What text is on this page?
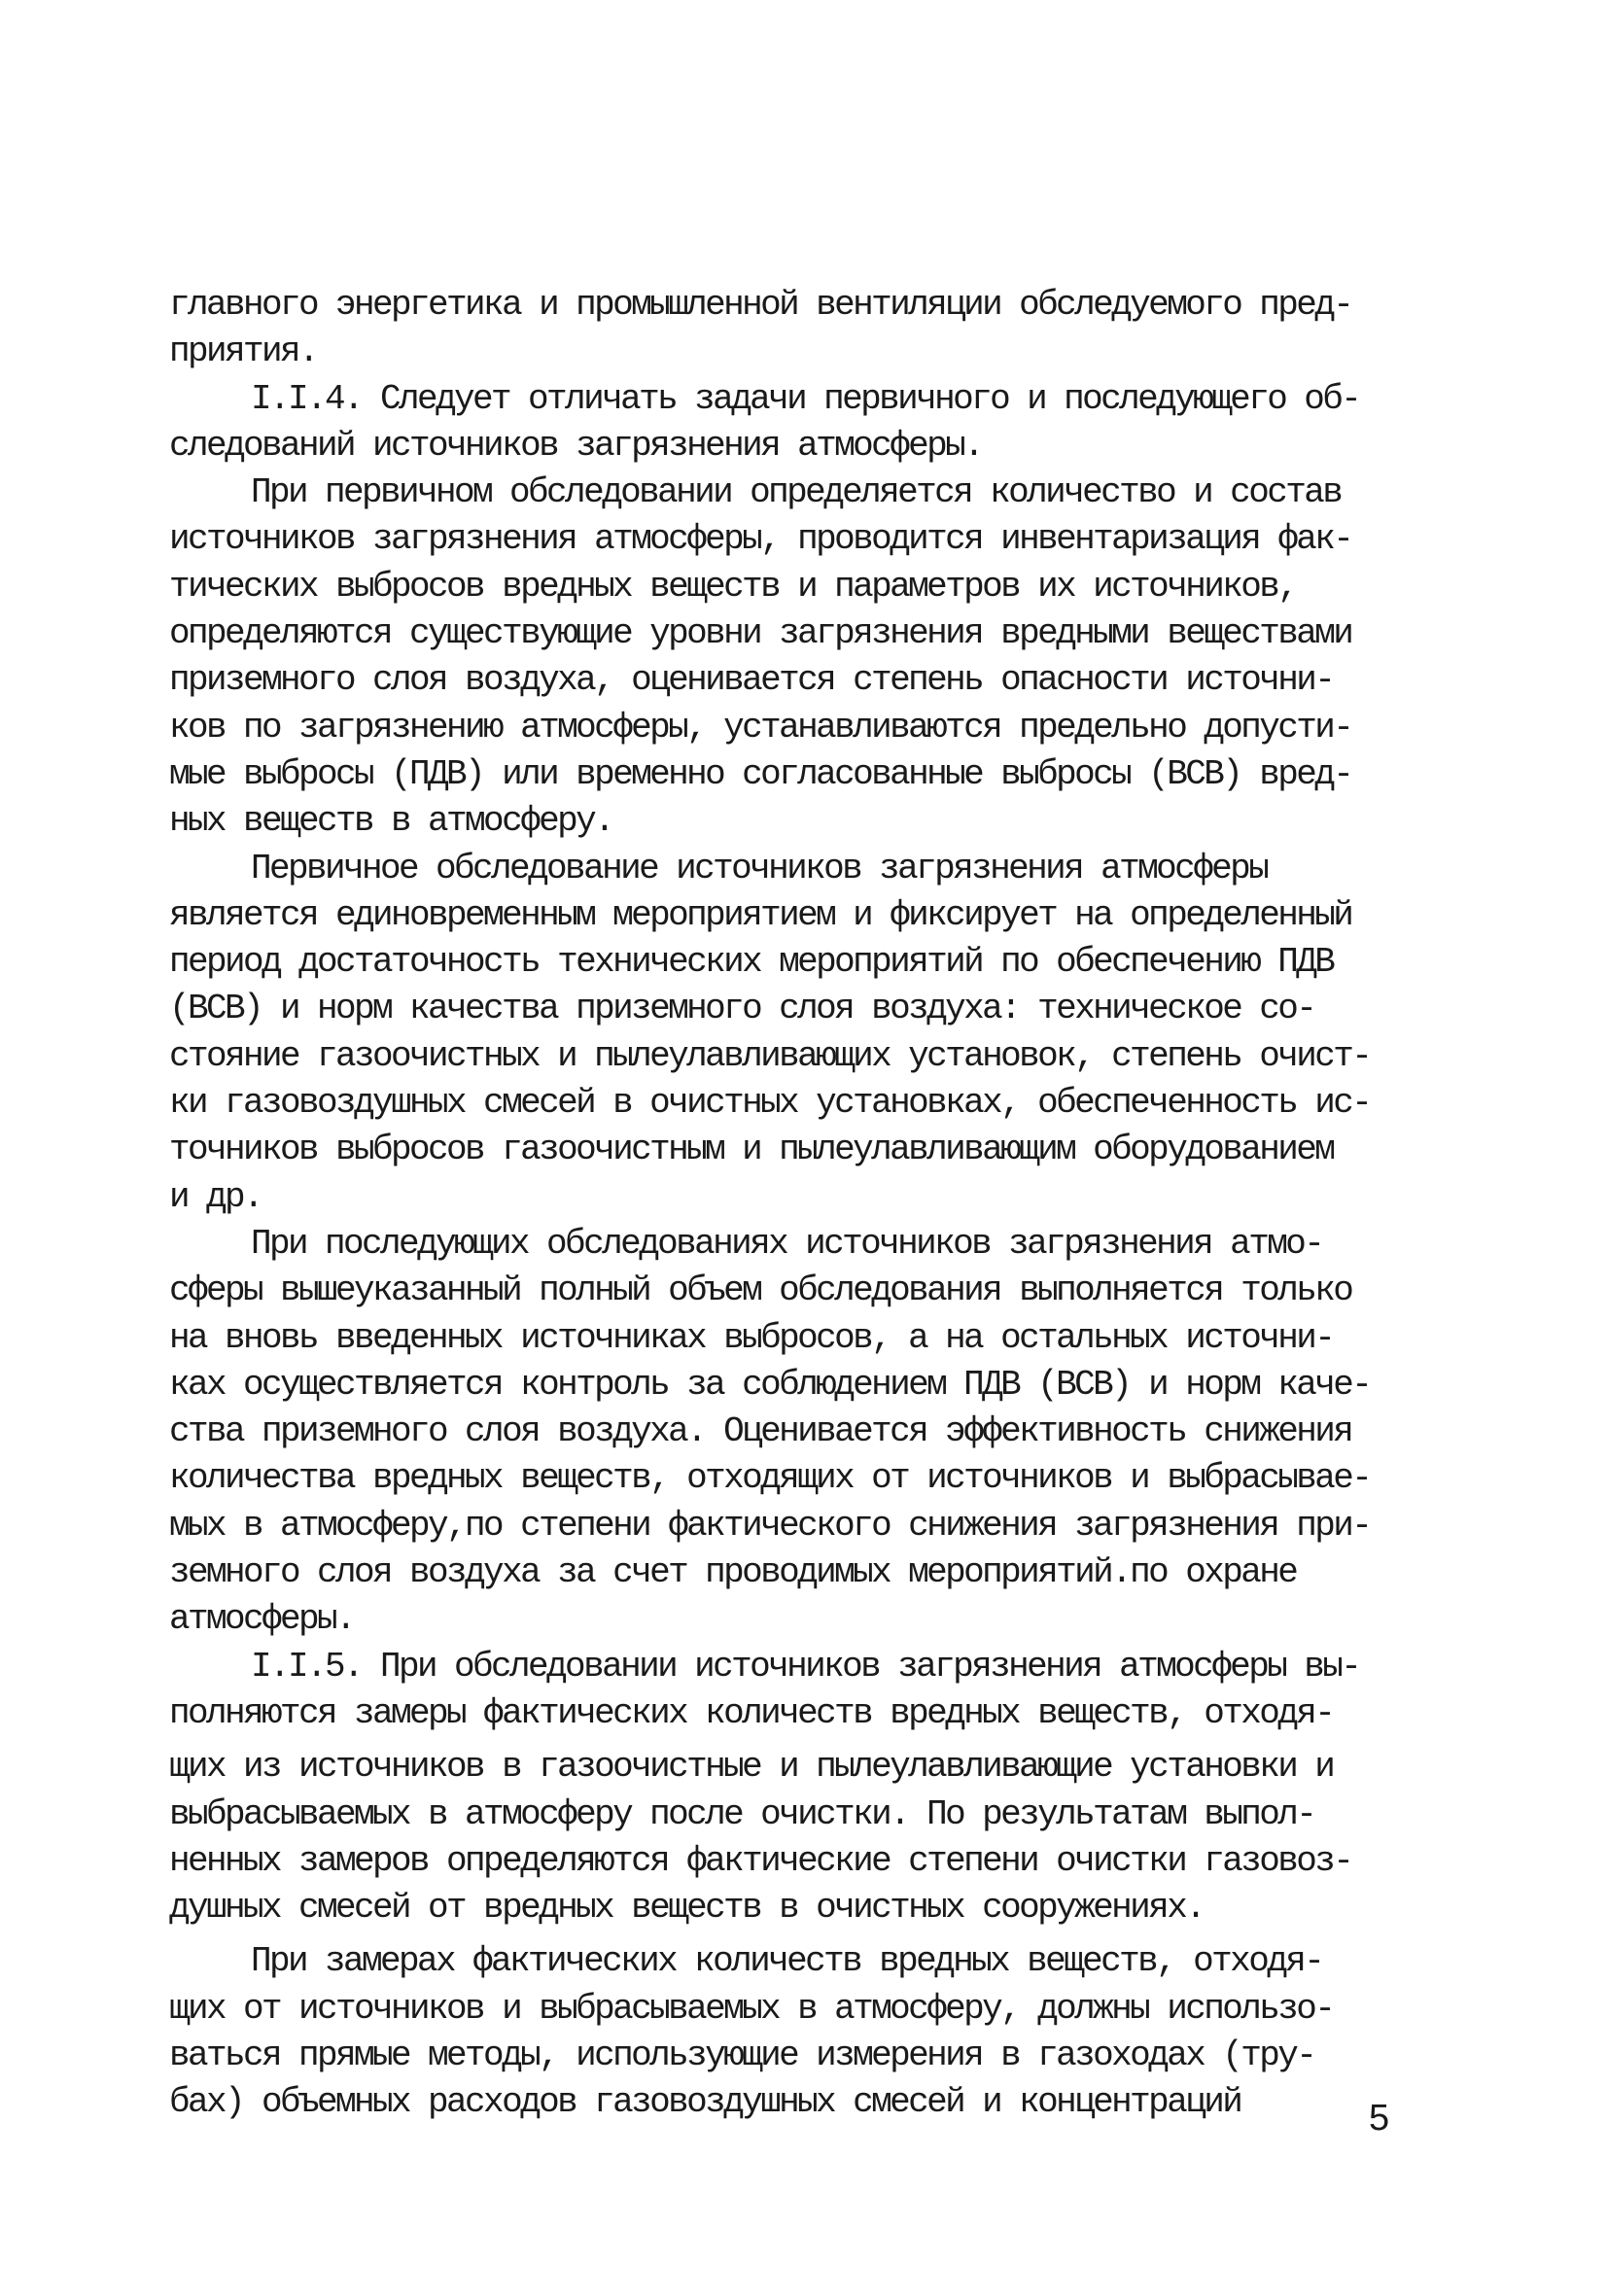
главного энергетика и промышленной вентиляции обследуемого пред-
приятия.
I.I.4. Следует отличать задачи первичного и последующего об-
следований источников загрязнения атмосферы.
При первичном обследовании определяется количество и состав
источников загрязнения атмосферы, проводится инвентаризация фак-
тических выбросов вредных веществ и параметров их источников,
определяются существующие уровни загрязнения вредными веществами
приземного слоя воздуха, оценивается степень опасности источни-
ков по загрязнению атмосферы, устанавливаются предельно допусти-
мые выбросы (ПДВ) или временно согласованные выбросы (ВСВ) вред-
ных веществ в атмосферу.
Первичное обследование источников загрязнения атмосферы
является единовременным мероприятием и фиксирует на определенный
период достаточность технических мероприятий по обеспечению ПДВ
(ВСВ) и норм качества приземного слоя воздуха: техническое со-
стояние газоочистных и пылеулавливающих установок, степень очист-
ки газовоздушных смесей в очистных установках, обеспеченность ис-
точников выбросов газоочистным и пылеулавливающим оборудованием
и др.
При последующих обследованиях источников загрязнения атмо-
сферы вышеуказанный полный объем обследования выполняется только
на вновь введенных источниках выбросов, а на остальных источни-
ках осуществляется контроль за соблюдением ПДВ (ВСВ) и норм каче-
ства приземного слоя воздуха. Оценивается эффективность снижения
количества вредных веществ, отходящих от источников и выбрасывае-
мых в атмосферу,по степени фактического снижения загрязнения при-
земного слоя воздуха за счет проводимых мероприятий.по охране
атмосферы.
I.I.5. При обследовании источников загрязнения атмосферы вы-
полняются замеры фактических количеств вредных веществ, отходя-
щих из источников в газоочистные и пылеулавливающие установки и
выбрасываемых в атмосферу после очистки. По результатам выпол-
ненных замеров определяются фактические степени очистки газовоз-
душных смесей от вредных веществ в очистных сооружениях.
При замерах фактических количеств вредных веществ, отходя-
щих от источников и выбрасываемых в атмосферу, должны использо-
ваться прямые методы, использующие измерения в газоходах (тру-
бах) объемных расходов газовоздушных смесей и концентраций	5
